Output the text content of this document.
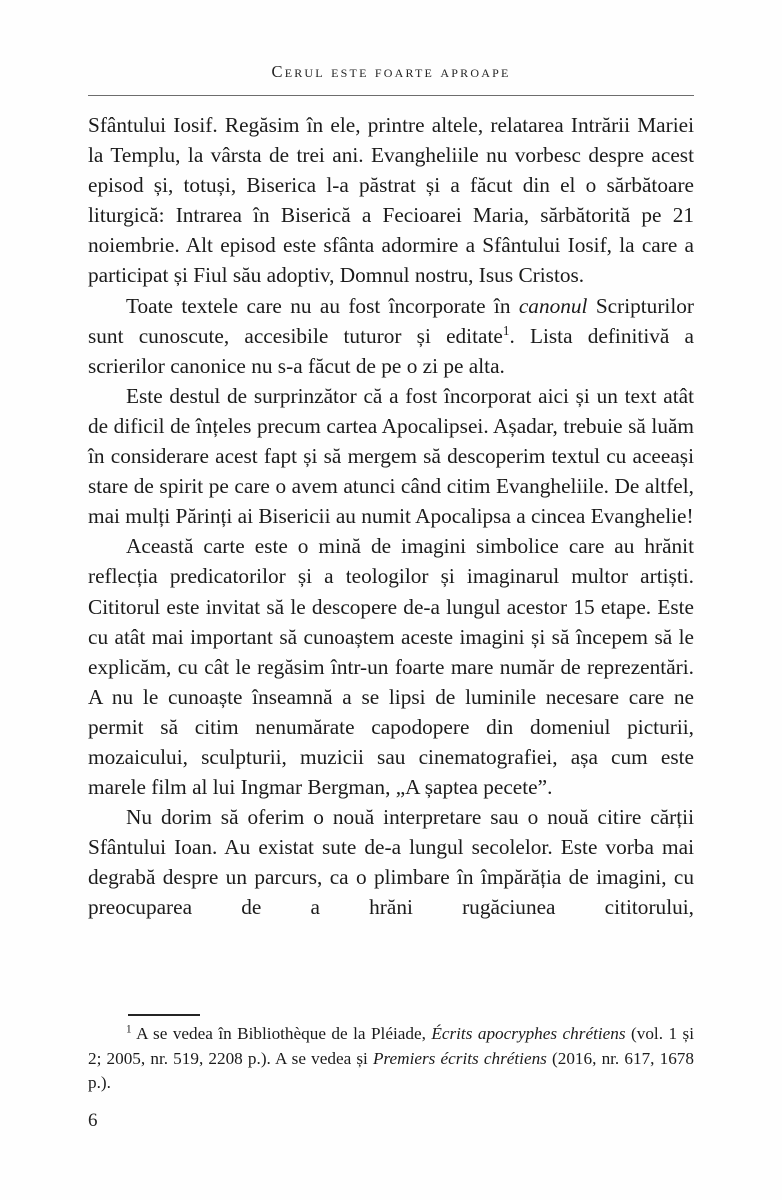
Cerul este foarte aproape

Sfântului Iosif. Regăsim în ele, printre altele, relatarea Intrării Mariei la Templu, la vârsta de trei ani. Evangheliile nu vorbesc despre acest episod și, totuși, Biserica l-a păstrat și a făcut din el o sărbătoare liturgică: Intrarea în Biserică a Fecioarei Maria, sărbătorită pe 21 noiembrie. Alt episod este sfânta adormire a Sfântului Iosif, la care a participat și Fiul său adoptiv, Domnul nostru, Isus Cristos.

Toate textele care nu au fost încorporate în canonul Scripturilor sunt cunoscute, accesibile tuturor și editate$^1$. Lista definitivă a scrierilor canonice nu s-a făcut de pe o zi pe alta.

Este destul de surprinzător că a fost încorporat aici și un text atât de dificil de înțeles precum cartea Apocalipsei. Așadar, trebuie să luăm în considerare acest fapt și să mergem să descoperim textul cu aceeași stare de spirit pe care o avem atunci când citim Evangheliile. De altfel, mai mulți Părinți ai Bisericii au numit Apocalipsa a cincea Evanghelie!

Această carte este o mină de imagini simbolice care au hrănit reflecția predicatorilor și a teologilor și imaginarul multor artiști. Cititorul este invitat să le descopere de-a lungul acestor 15 etape. Este cu atât mai important să cunoaștem aceste imagini și să începem să le explicăm, cu cât le regăsim într-un foarte mare număr de reprezentări. A nu le cunoaște înseamnă a se lipsi de luminile necesare care ne permit să citim nenumărate capodopere din domeniul picturii, mozaicului, sculpturii, muzicii sau cinematografiei, așa cum este marele film al lui Ingmar Bergman, „A șaptea pecete”.

Nu dorim să oferim o nouă interpretare sau o nouă citire cărții Sfântului Ioan. Au existat sute de-a lungul secolelor. Este vorba mai degrabă despre un parcurs, ca o plimbare în împărăția de imagini, cu preocuparea de a hrăni rugăciunea cititorului,

$^1$ A se vedea în Bibliothèque de la Pléiade, Écrits apocryphes chrétiens (vol. 1 și 2; 2005, nr. 519, 2208 p.). A se vedea și Premiers écrits chrétiens (2016, nr. 617, 1678 p.).
6
